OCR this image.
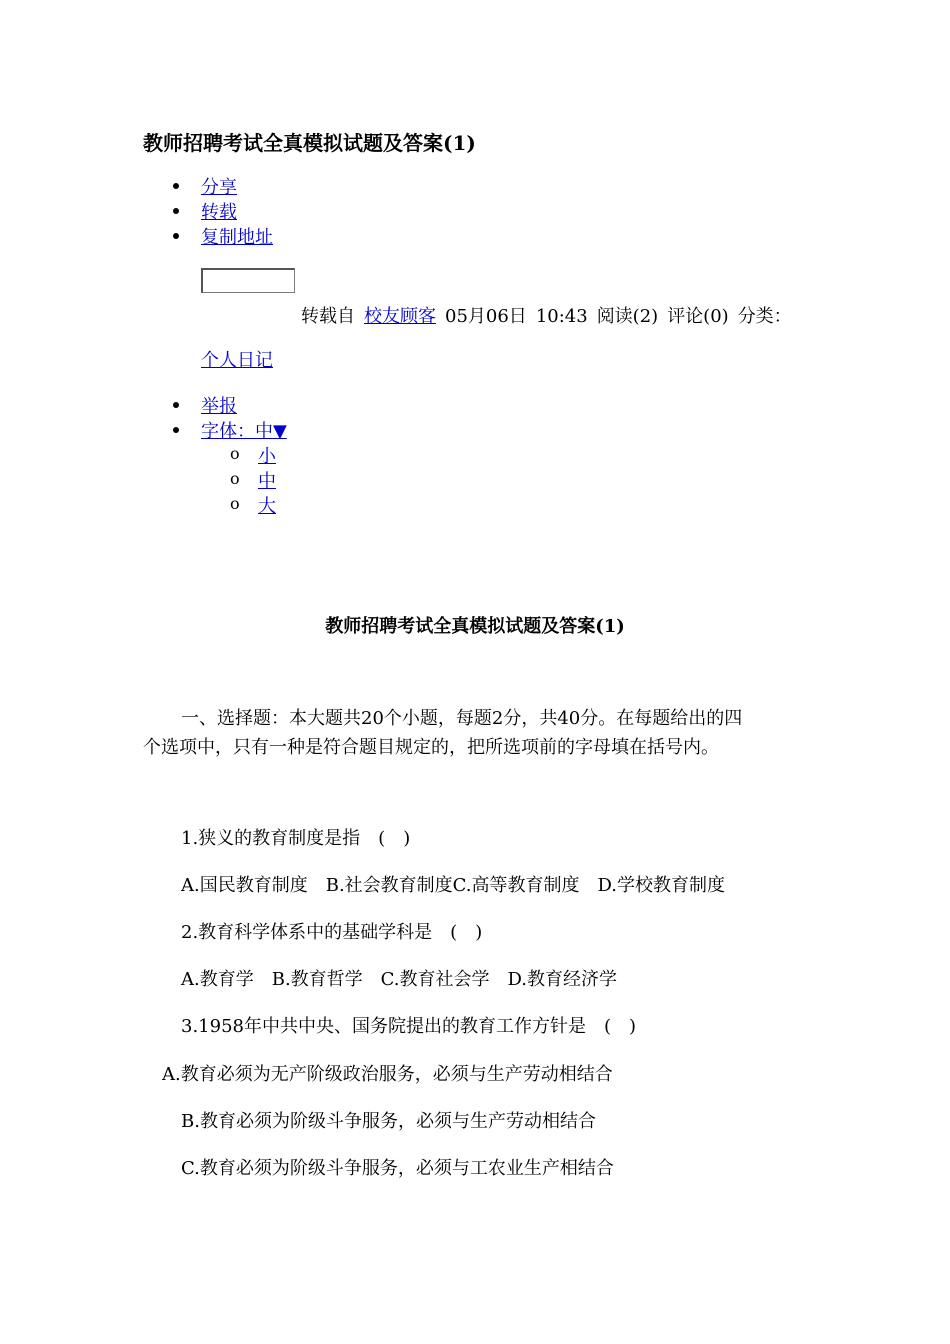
教师招聘考试全真模拟试题及答案(1)
分享
转载
复制地址
转载自 校友顾客 05月06日 10:43 阅读(2) 评论(0) 分类：
个人日记
举报
字体：中▼
o 小
o 中
o 大
教师招聘考试全真模拟试题及答案(1)
一、选择题：本大题共20个小题，每题2分，共40分。在每题给出的四
个选项中，只有一种是符合题目规定的，把所选项前的字母填在括号内。
1.狭义的教育制度是指　(　)
A.国民教育制度　B.社会教育制度C.高等教育制度　D.学校教育制度
2.教育科学体系中的基础学科是　(　)
A.教育学　B.教育哲学　C.教育社会学　D.教育经济学
3.1958年中共中央、国务院提出的教育工作方针是　(　)
A.教育必须为无产阶级政治服务，必须与生产劳动相结合
B.教育必须为阶级斗争服务，必须与生产劳动相结合
C.教育必须为阶级斗争服务，必须与工农业生产相结合
